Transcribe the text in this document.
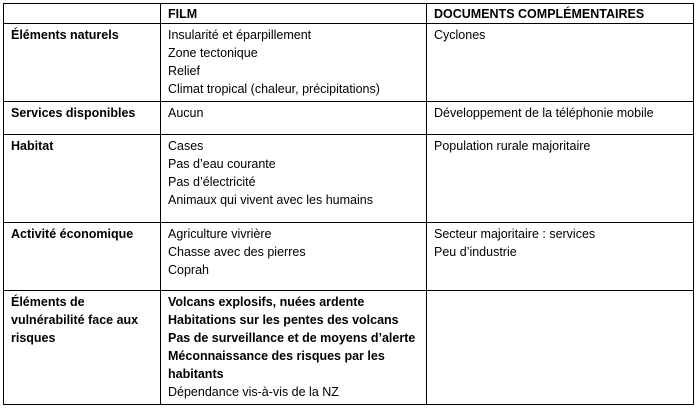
	FILM	DOCUMENTS COMPLÉMENTAIRES
Éléments naturels	Insularité et éparpillement
Zone tectonique
Relief
Climat tropical (chaleur, précipitations)	Cyclones

Services disponibles	Aucun	Développement de la téléphonie mobile

Habitat	Cases
Pas d’eau courante
Pas d’électricité
Animaux qui vivent avec les humains	Population rurale majoritaire

Activité économique	Agriculture vivrière
Chasse avec des pierres
Coprah	Secteur majoritaire : services
Peu d’industrie

Éléments de vulnérabilité face aux risques	Volcans explosifs, nuées ardente
Habitations sur les pentes des volcans
Pas de surveillance et de moyens d’alerte
Méconnaissance des risques par les habitants
Dépendance vis-à-vis de la NZ	
